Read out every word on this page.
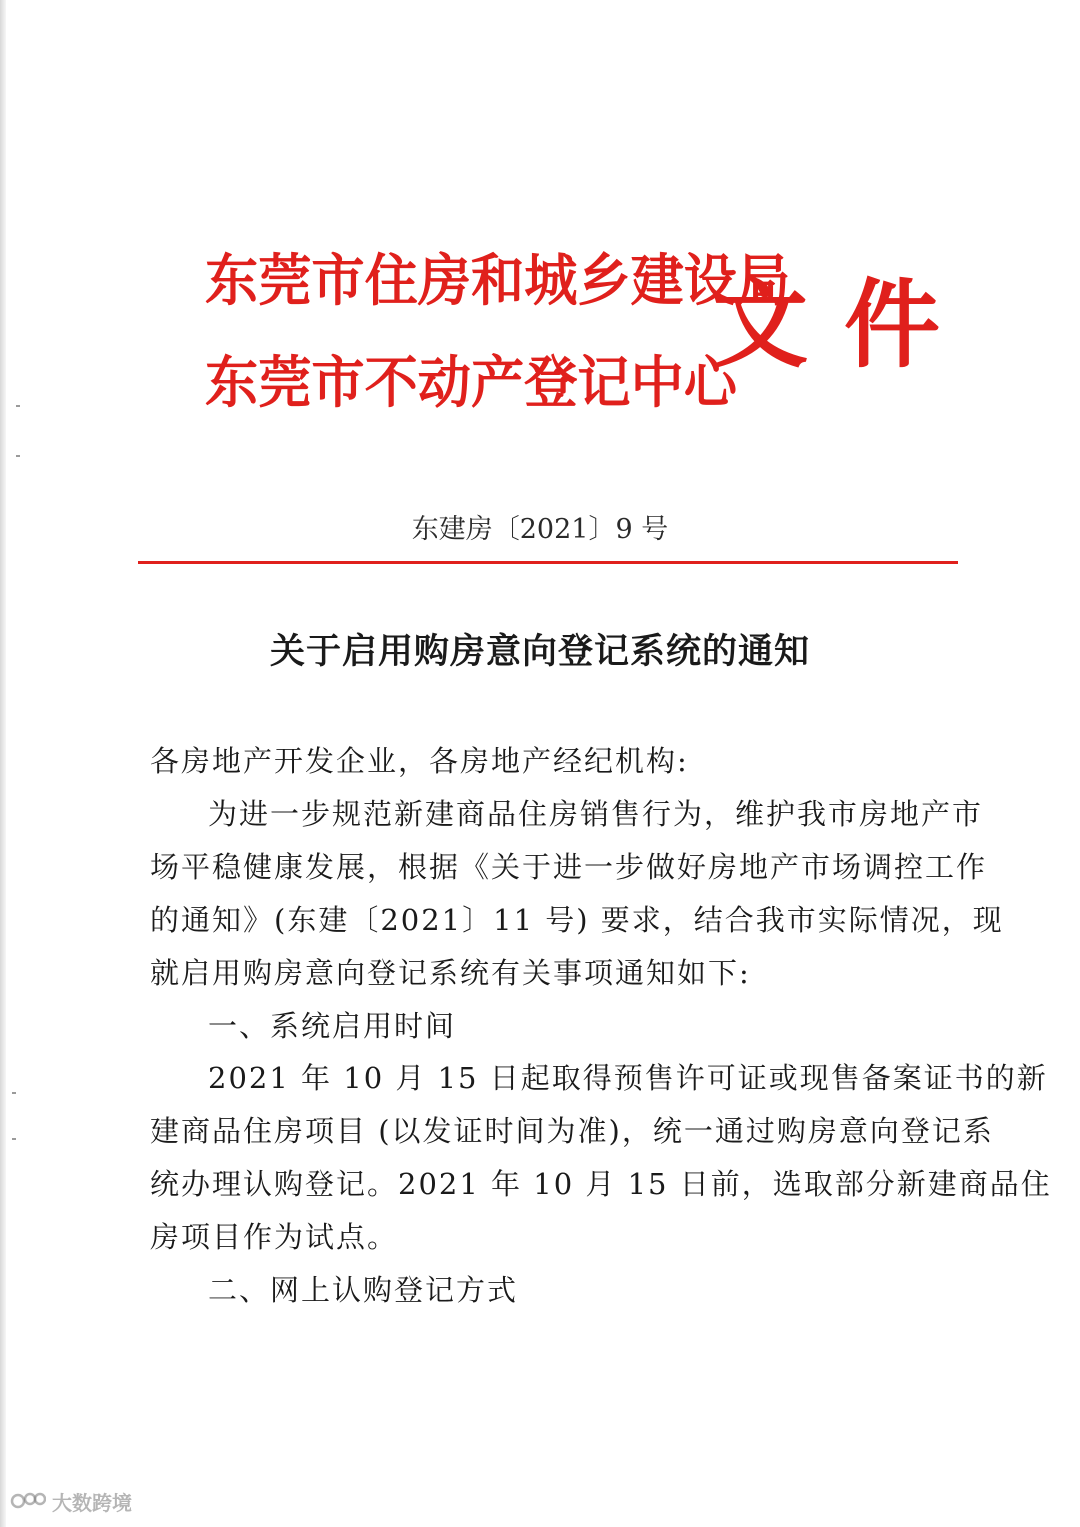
东莞市住房和城乡建设局
东莞市不动产登记中心
文件
东建房〔2021〕9 号
关于启用购房意向登记系统的通知
各房地产开发企业，各房地产经纪机构:
为进一步规范新建商品住房销售行为，维护我市房地产市
场平稳健康发展，根据《关于进一步做好房地产市场调控工作
的通知》(东建〔2021〕11 号) 要求，结合我市实际情况，现
就启用购房意向登记系统有关事项通知如下:
一、系统启用时间
2021 年 10 月 15 日起取得预售许可证或现售备案证书的新
建商品住房项目 (以发证时间为准)，统一通过购房意向登记系
统办理认购登记。2021 年 10 月 15 日前，选取部分新建商品住
房项目作为试点。
二、网上认购登记方式
大数跨境
